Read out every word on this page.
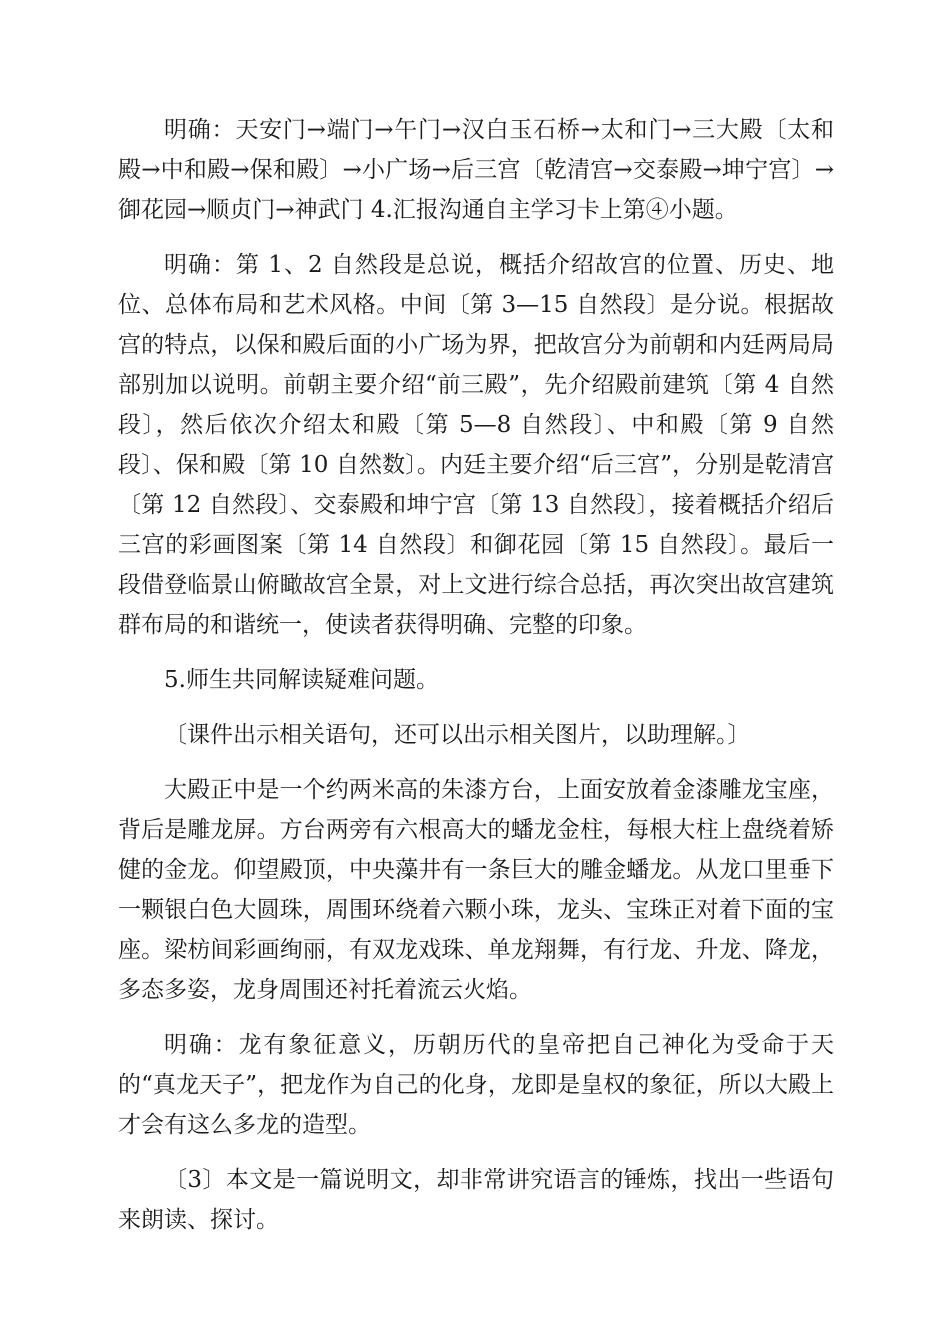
明确：天安门→端门→午门→汉白玉石桥→太和门→三大殿〔太和殿→中和殿→保和殿〕→小广场→后三宫〔乾清宫→交泰殿→坤宁宫〕→御花园→顺贞门→神武门 4.汇报沟通自主学习卡上第④小题。

明确：第 1、2 自然段是总说，概括介绍故宫的位置、历史、地位、总体布局和艺术风格。中间〔第 3—15 自然段〕是分说。根据故宫的特点，以保和殿后面的小广场为界，把故宫分为前朝和内廷两局局部别加以说明。前朝主要介绍“前三殿”，先介绍殿前建筑〔第 4 自然段〕，然后依次介绍太和殿〔第 5—8 自然段〕、中和殿〔第 9 自然段〕、保和殿〔第 10 自然数〕。内廷主要介绍“后三宫”，分别是乾清宫〔第 12 自然段〕、交泰殿和坤宁宫〔第 13 自然段〕，接着概括介绍后三宫的彩画图案〔第 14 自然段〕和御花园〔第 15 自然段〕。最后一段借登临景山俯瞰故宫全景，对上文进行综合总括，再次突出故宫建筑群布局的和谐统一，使读者获得明确、完整的印象。

5.师生共同解读疑难问题。

〔课件出示相关语句，还可以出示相关图片，以助理解。〕

大殿正中是一个约两米高的朱漆方台，上面安放着金漆雕龙宝座，背后是雕龙屏。方台两旁有六根高大的蟠龙金柱，每根大柱上盘绕着矫健的金龙。仰望殿顶，中央藻井有一条巨大的雕金蟠龙。从龙口里垂下一颗银白色大圆珠，周围环绕着六颗小珠，龙头、宝珠正对着下面的宝座。梁枋间彩画绚丽，有双龙戏珠、单龙翔舞，有行龙、升龙、降龙，多态多姿，龙身周围还衬托着流云火焰。

明确：龙有象征意义，历朝历代的皇帝把自己神化为受命于天的“真龙天子”，把龙作为自己的化身，龙即是皇权的象征，所以大殿上才会有这么多龙的造型。

〔3〕本文是一篇说明文，却非常讲究语言的锤炼，找出一些语句来朗读、探讨。
